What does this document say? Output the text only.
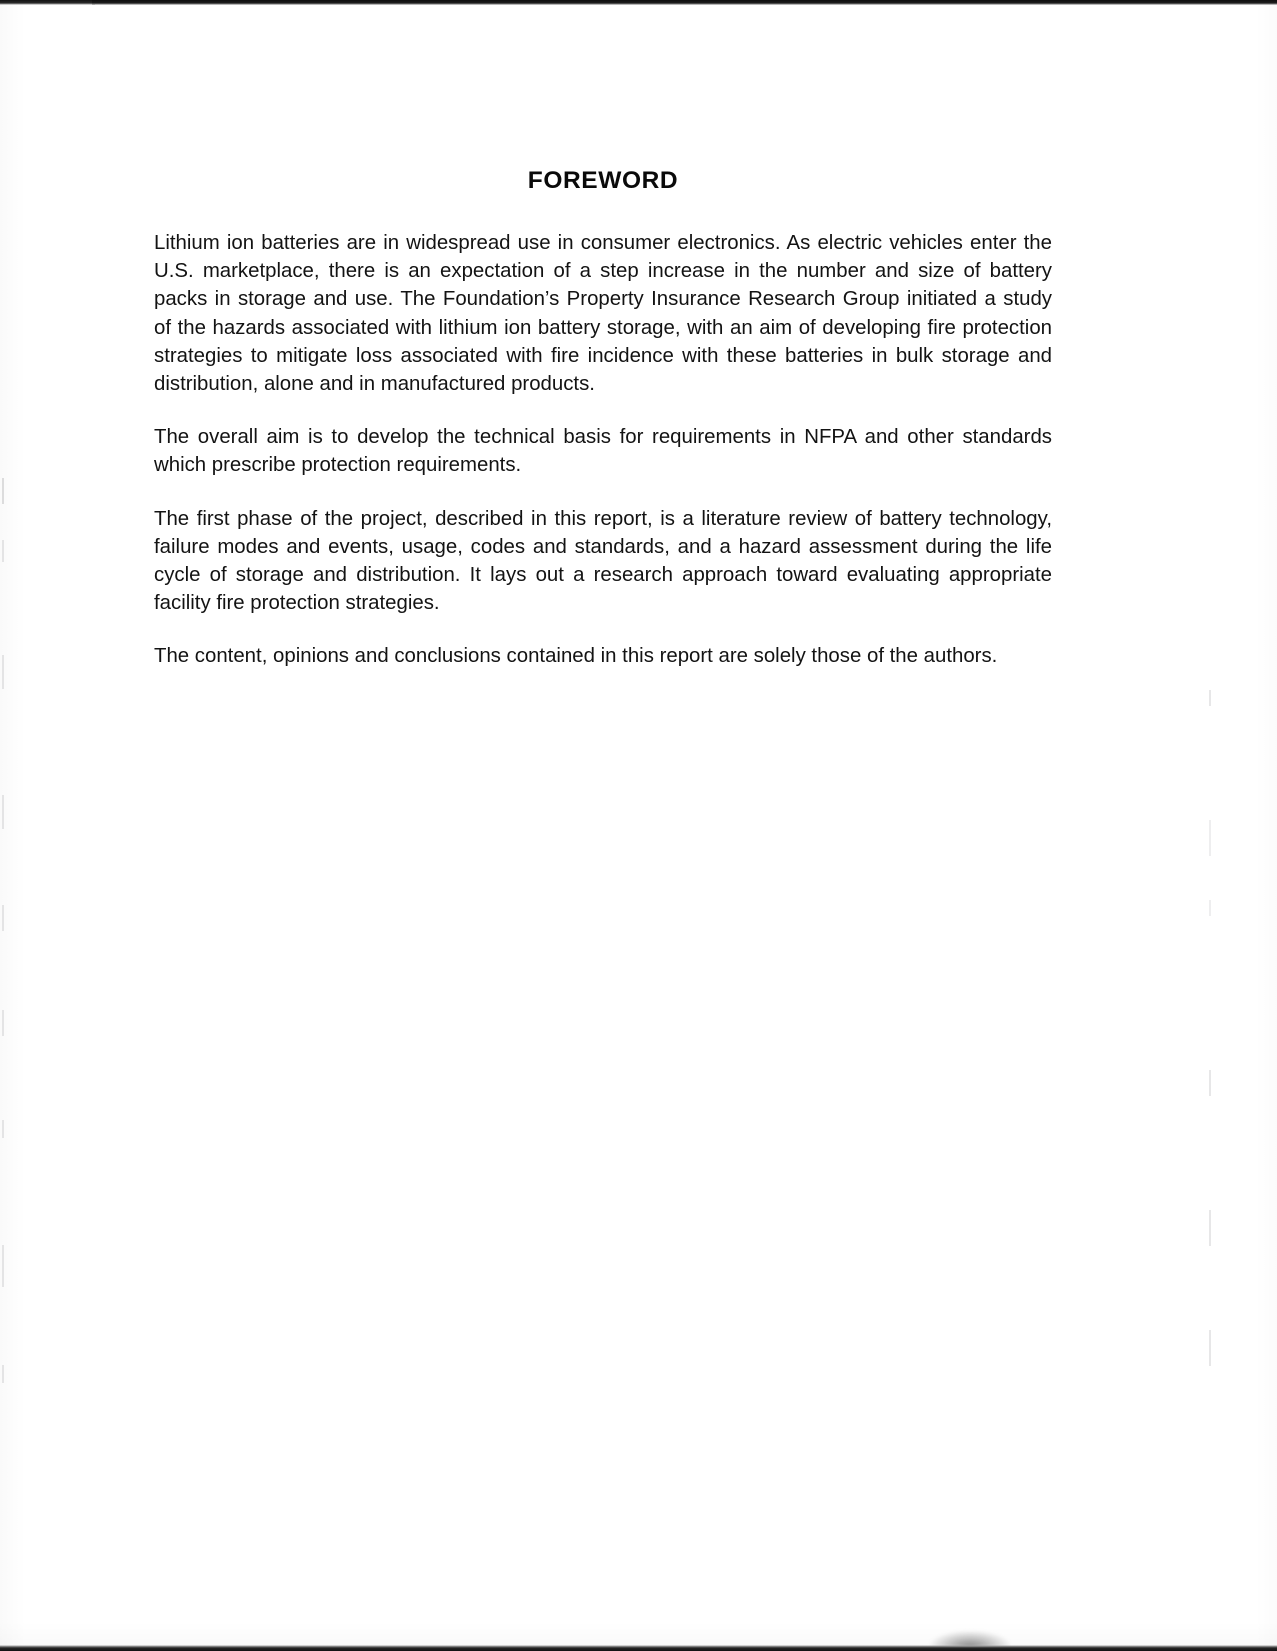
FOREWORD

Lithium ion batteries are in widespread use in consumer electronics. As electric vehicles enter the U.S. marketplace, there is an expectation of a step increase in the number and size of battery packs in storage and use. The Foundation’s Property Insurance Research Group initiated a study of the hazards associated with lithium ion battery storage, with an aim of developing fire protection strategies to mitigate loss associated with fire incidence with these batteries in bulk storage and distribution, alone and in manufactured products.

The overall aim is to develop the technical basis for requirements in NFPA and other standards which prescribe protection requirements.

The first phase of the project, described in this report, is a literature review of battery technology, failure modes and events, usage, codes and standards, and a hazard assessment during the life cycle of storage and distribution. It lays out a research approach toward evaluating appropriate facility fire protection strategies.

The content, opinions and conclusions contained in this report are solely those of the authors.
